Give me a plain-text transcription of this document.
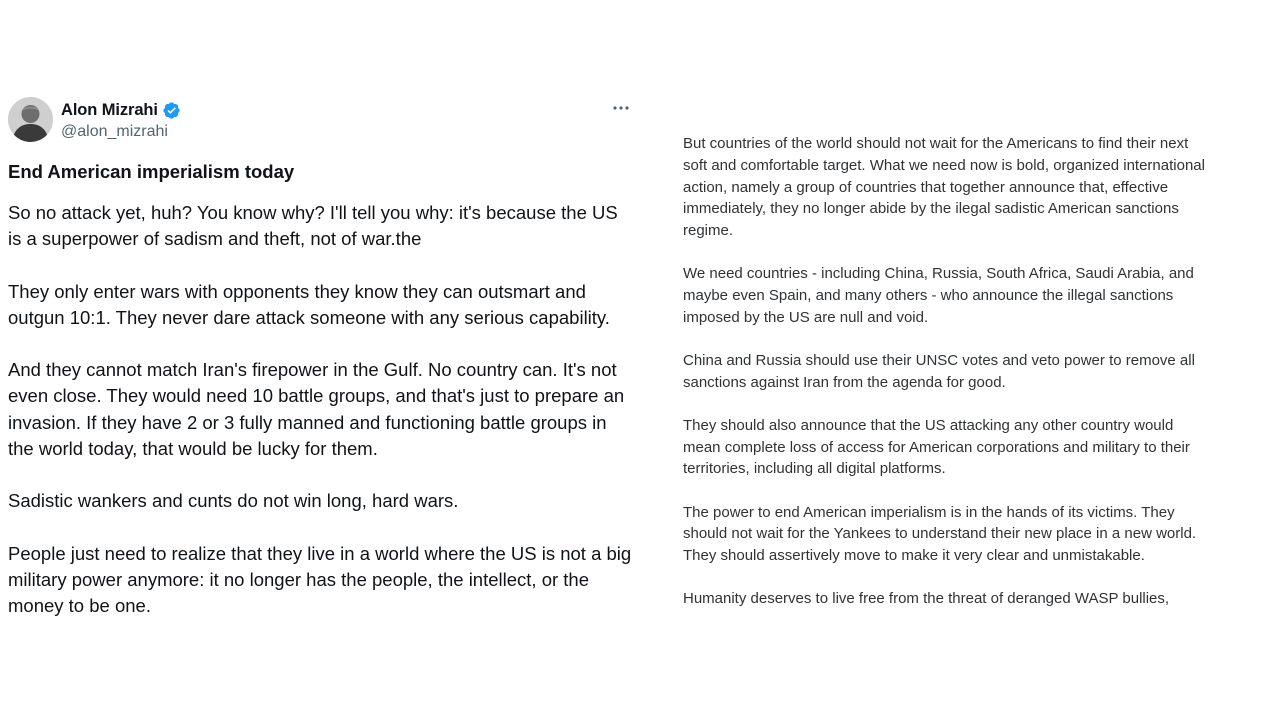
Alon Mizrahi
@alon_mizrahi
End American imperialism today

So no attack yet, huh? You know why? I'll tell you why: it's because the US is a superpower of sadism and theft, not of war.the

They only enter wars with opponents they know they can outsmart and outgun 10:1. They never dare attack someone with any serious capability.

And they cannot match Iran's firepower in the Gulf. No country can. It's not even close. They would need 10 battle groups, and that's just to prepare an invasion. If they have 2 or 3 fully manned and functioning battle groups in the world today, that would be lucky for them.

Sadistic wankers and cunts do not win long, hard wars.

People just need to realize that they live in a world where the US is not a big military power anymore: it no longer has the people, the intellect, or the money to be one.

But countries of the world should not wait for the Americans to find their next soft and comfortable target. What we need now is bold, organized international action, namely a group of countries that together announce that, effective immediately, they no longer abide by the ilegal sadistic American sanctions regime.

We need countries - including China, Russia, South Africa, Saudi Arabia, and maybe even Spain, and many others - who announce the illegal sanctions imposed by the US are null and void.

China and Russia should use their UNSC votes and veto power to remove all sanctions against Iran from the agenda for good.

They should also announce that the US attacking any other country would mean complete loss of access for American corporations and military to their territories, including all digital platforms.

The power to end American imperialism is in the hands of its victims. They should not wait for the Yankees to understand their new place in a new world. They should assertively move to make it very clear and unmistakable.

Humanity deserves to live free from the threat of deranged WASP bullies,
